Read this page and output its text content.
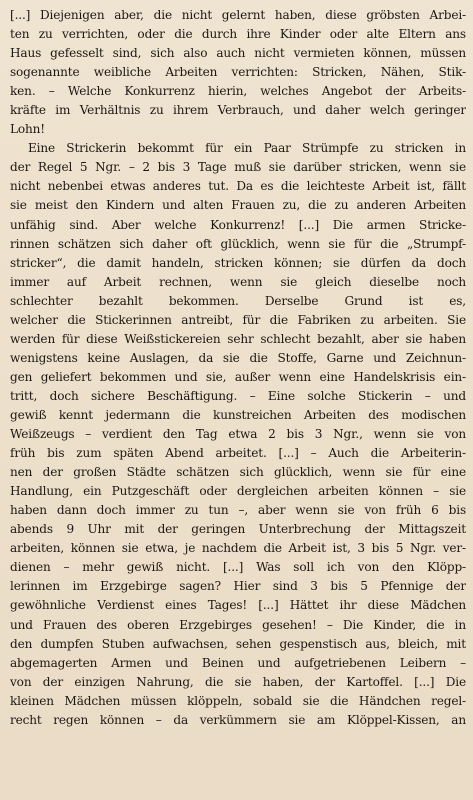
[...] Diejenigen aber, die nicht gelernt haben, diese gröbsten Arbei-
ten zu verrichten, oder die durch ihre Kinder oder alte Eltern ans
Haus gefesselt sind, sich also auch nicht vermieten können, müssen
sogenannte weibliche Arbeiten verrichten: Stricken, Nähen, Stik-
ken. – Welche Konkurrenz hierin, welches Angebot der Arbeits-
kräfte im Verhältnis zu ihrem Verbrauch, und daher welch geringer
Lohn!
Eine Strickerin bekommt für ein Paar Strümpfe zu stricken in
der Regel 5 Ngr. – 2 bis 3 Tage muß sie darüber stricken, wenn sie
nicht nebenbei etwas anderes tut. Da es die leichteste Arbeit ist, fällt
sie meist den Kindern und alten Frauen zu, die zu anderen Arbeiten
unfähig sind. Aber welche Konkurrenz! [...] Die armen Stricke-
rinnen schätzen sich daher oft glücklich, wenn sie für die „Strumpf-
stricker“, die damit handeln, stricken können; sie dürfen da doch
immer auf Arbeit rechnen, wenn sie gleich dieselbe noch
schlechter bezahlt bekommen. Derselbe Grund ist es,
welcher die Stickerinnen antreibt, für die Fabriken zu arbeiten. Sie
werden für diese Weißstickereien sehr schlecht bezahlt, aber sie haben
wenigstens keine Auslagen, da sie die Stoffe, Garne und Zeichnun-
gen geliefert bekommen und sie, außer wenn eine Handelskrisis ein-
tritt, doch sichere Beschäftigung. – Eine solche Stickerin – und
gewiß kennt jedermann die kunstreichen Arbeiten des modischen
Weißzeugs – verdient den Tag etwa 2 bis 3 Ngr., wenn sie von
früh bis zum späten Abend arbeitet. [...] – Auch die Arbeiterin-
nen der großen Städte schätzen sich glücklich, wenn sie für eine
Handlung, ein Putzgeschäft oder dergleichen arbeiten können – sie
haben dann doch immer zu tun –, aber wenn sie von früh 6 bis
abends 9 Uhr mit der geringen Unterbrechung der Mittagszeit
arbeiten, können sie etwa, je nachdem die Arbeit ist, 3 bis 5 Ngr. ver-
dienen – mehr gewiß nicht. [...] Was soll ich von den Klöpp-
lerinnen im Erzgebirge sagen? Hier sind 3 bis 5 Pfennige der
gewöhnliche Verdienst eines Tages! [...] Hättet ihr diese Mädchen
und Frauen des oberen Erzgebirges gesehen! – Die Kinder, die in
den dumpfen Stuben aufwachsen, sehen gespenstisch aus, bleich, mit
abgemagerten Armen und Beinen und aufgetriebenen Leibern –
von der einzigen Nahrung, die sie haben, der Kartoffel. [...] Die
kleinen Mädchen müssen klöppeln, sobald sie die Händchen regel-
recht regen können – da verkümmern sie am Klöppel-Kissen, an
